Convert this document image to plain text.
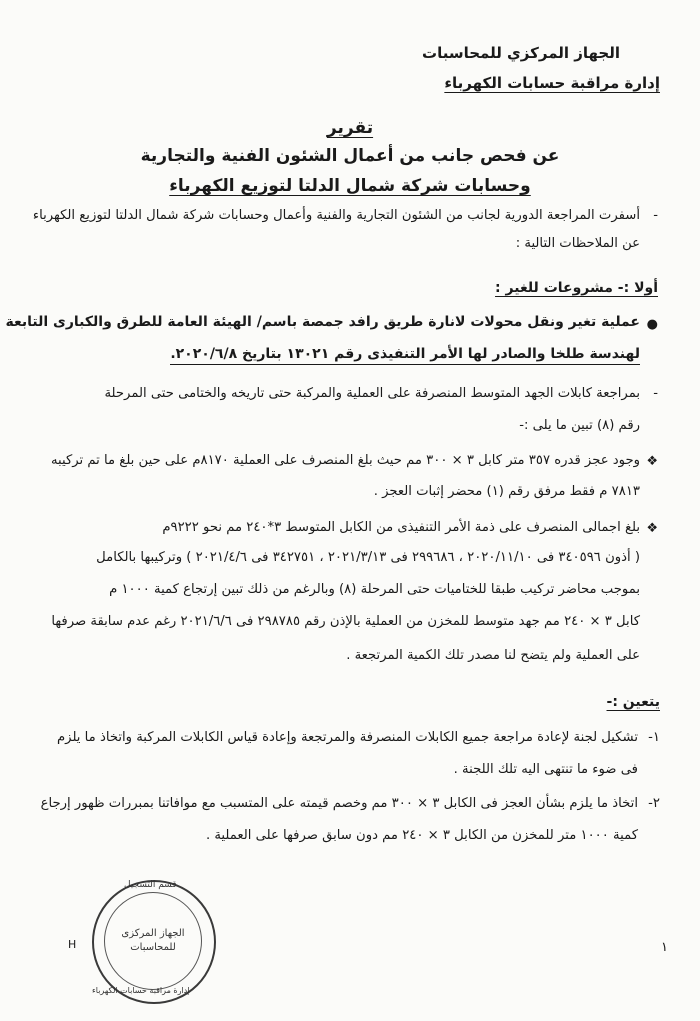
الجهاز المركزي للمحاسبات
إدارة مراقبة حسابات الكهرباء
تقرير
عن فحص جانب من أعمال الشئون الفنية والتجارية
وحسابات شركة شمال الدلتا لتوزيع الكهرباء
-
أسفرت المراجعة الدورية لجانب من الشئون التجارية والفنية وأعمال وحسابات شركة شمال الدلتا لتوزيع الكهرباء
عن الملاحظات التالية :
أولا :- مشروعات للغير :
●
عملية تغير ونقل محولات لانارة طريق رافد جمصة باسم/ الهيئة العامة للطرق والكبارى التابعة
لهندسة طلخا والصادر لها الأمر التنفيذى رقم ١٣٠٢١ بتاريخ ٢٠٢٠/٦/٨.
-
بمراجعة كابلات الجهد المتوسط المنصرفة على العملية والمركبة حتى تاريخه والختامى حتى المرحلة
رقم (٨) تبين ما يلى :-
❖
وجود عجز قدره ٣٥٧ متر كابل ٣ × ٣٠٠ مم حيث بلغ المنصرف على العملية ٨١٧٠م على حين بلغ ما تم تركيبه
٧٨١٣ م فقط مرفق رقم (١) محضر إثبات العجز .
❖
بلغ اجمالى المنصرف على ذمة الأمر التنفيذى من الكابل المتوسط ٣*٢٤٠ مم نحو ٩٢٢٢م
( أذون ٣٤٠٥٩٦ فى ٢٠٢٠/١١/١٠ ، ٢٩٩٦٨٦ فى ٢٠٢١/٣/١٣ ، ٣٤٢٧٥١ فى ٢٠٢١/٤/٦ ) وتركيبها بالكامل
بموجب محاضر تركيب طبقا للختاميات حتى المرحلة (٨) وبالرغم من ذلك تبين إرتجاع كمية ١٠٠٠ م
كابل ٣ × ٢٤٠ مم جهد متوسط للمخزن من العملية بالإذن رقم ٢٩٨٧٨٥ فى ٢٠٢١/٦/٦ رغم عدم سابقة صرفها
على العملية ولم يتضح لنا مصدر تلك الكمية المرتجعة .
يتعين :-
١-
تشكيل لجنة لإعادة مراجعة جميع الكابلات المنصرفة والمرتجعة وإعادة قياس الكابلات المركبة واتخاذ ما يلزم
فى ضوء ما تنتهى اليه تلك اللجنة .
٢-
اتخاذ ما يلزم بشأن العجز فى الكابل ٣ × ٣٠٠ مم وخصم قيمته على المتسبب مع موافاتنا بمبررات ظهور إرجاع
كمية ١٠٠٠ متر للمخزن من الكابل ٣ × ٢٤٠ مم دون سابق صرفها على العملية .
H	١
قسم التسجيل
الجهاز المركزى
للمحاسبات
إدارة مراقبة حسابات الكهرباء
